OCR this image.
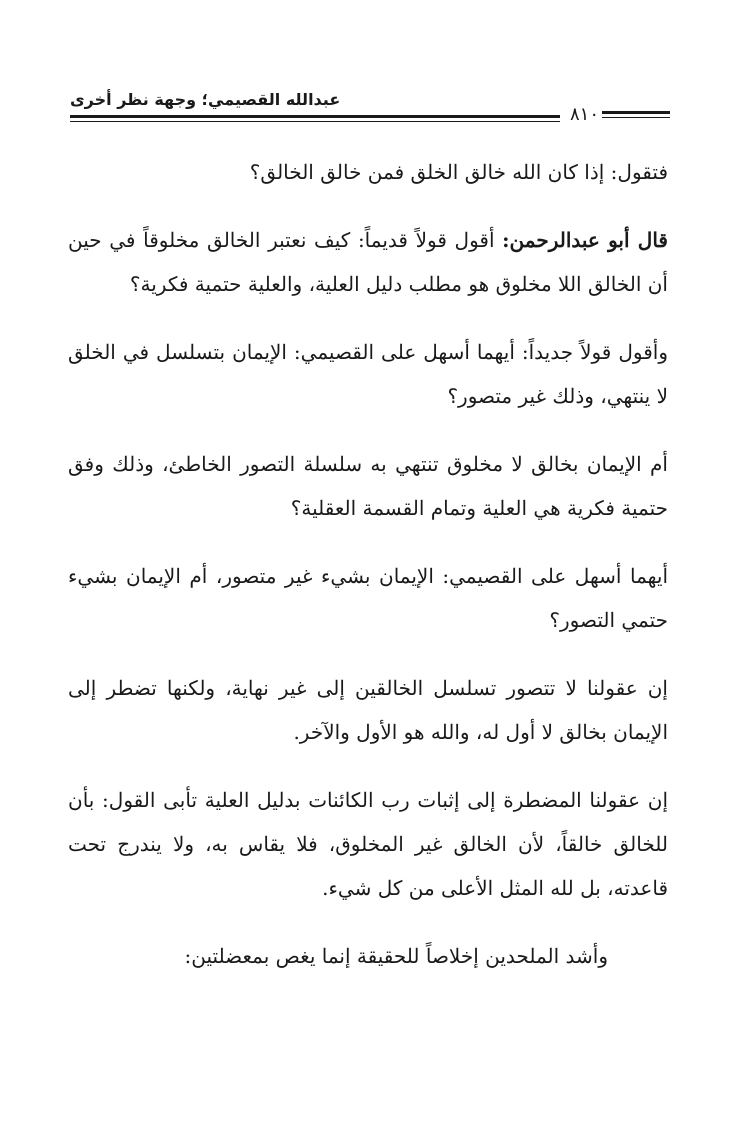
عبدالله القصيمي؛ وجهة نظر أخرى
٨١٠

فتقول: إذا كان الله خالق الخلق فمن خالق الخالق؟

قال أبو عبدالرحمن: أقول قولاً قديماً: كيف نعتبر الخالق مخلوقاً في حين أن الخالق اللا مخلوق هو مطلب دليل العلية، والعلية حتمية فكرية؟

وأقول قولاً جديداً: أيهما أسهل على القصيمي: الإيمان بتسلسل في الخلق لا ينتهي، وذلك غير متصور؟

أم الإيمان بخالق لا مخلوق تنتهي به سلسلة التصور الخاطئ، وذلك وفق حتمية فكرية هي العلية وتمام القسمة العقلية؟

أيهما أسهل على القصيمي: الإيمان بشيء غير متصور، أم الإيمان بشيء حتمي التصور؟

إن عقولنا لا تتصور تسلسل الخالقين إلى غير نهاية، ولكنها تضطر إلى الإيمان بخالق لا أول له، والله هو الأول والآخر.

إن عقولنا المضطرة إلى إثبات رب الكائنات بدليل العلية تأبى القول: بأن للخالق خالقاً، لأن الخالق غير المخلوق، فلا يقاس به، ولا يندرج تحت قاعدته، بل لله المثل الأعلى من كل شيء.

وأشد الملحدين إخلاصاً للحقيقة إنما يغص بمعضلتين:
